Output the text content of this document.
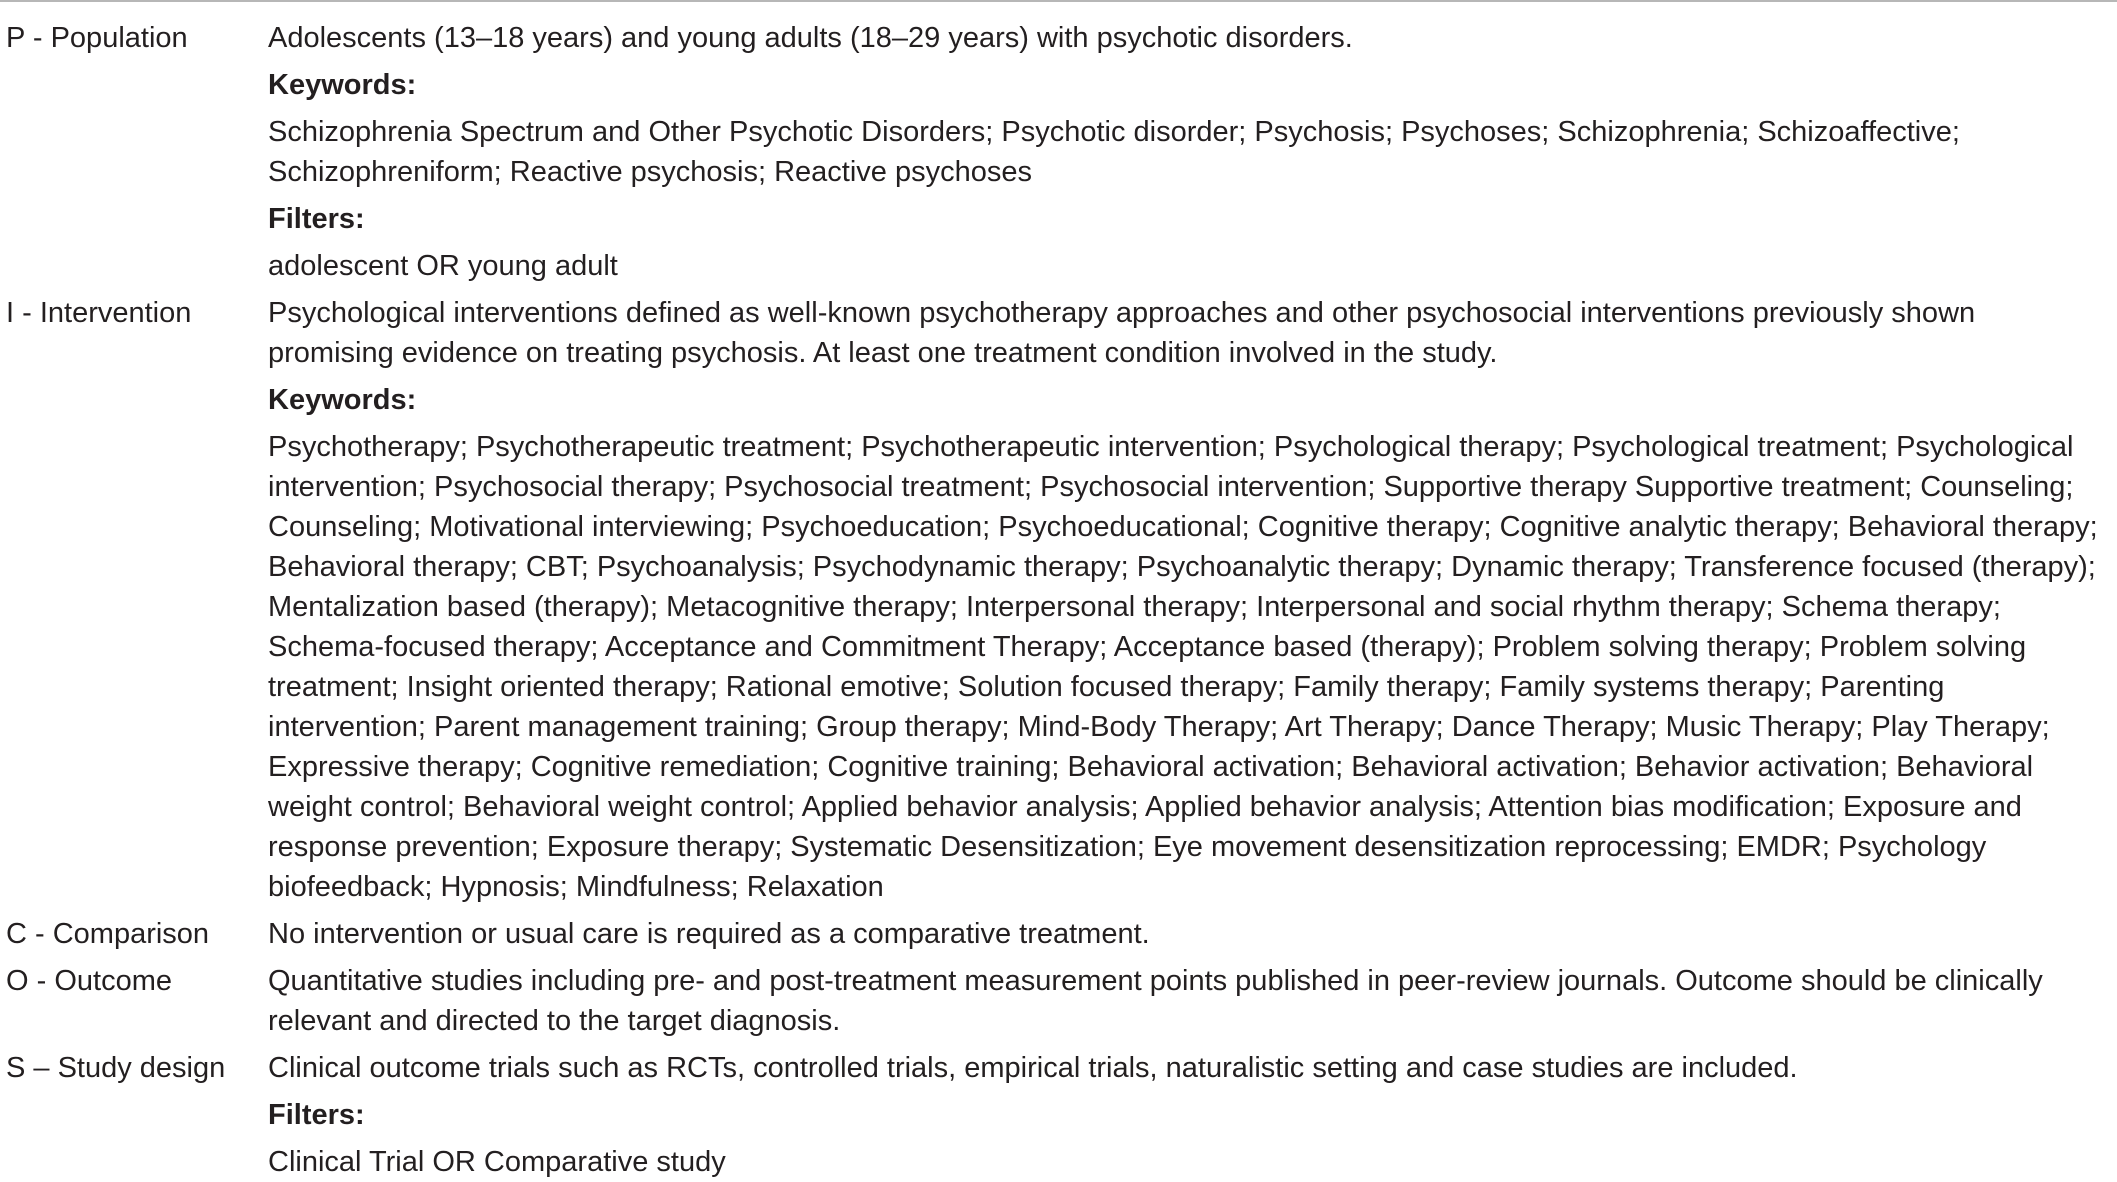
P - Population	Adolescents (13–18 years) and young adults (18–29 years) with psychotic disorders.
Keywords:
Schizophrenia Spectrum and Other Psychotic Disorders; Psychotic disorder; Psychosis; Psychoses; Schizophrenia; Schizoaffective; Schizophreniform; Reactive psychosis; Reactive psychoses
Filters:
adolescent OR young adult
I - Intervention	Psychological interventions defined as well-known psychotherapy approaches and other psychosocial interventions previously shown promising evidence on treating psychosis. At least one treatment condition involved in the study.
Keywords:
Psychotherapy; Psychotherapeutic treatment; Psychotherapeutic intervention; Psychological therapy; Psychological treatment; Psychological intervention; Psychosocial therapy; Psychosocial treatment; Psychosocial intervention; Supportive therapy Supportive treatment; Counseling; Counseling; Motivational interviewing; Psychoeducation; Psychoeducational; Cognitive therapy; Cognitive analytic therapy; Behavioral therapy; Behavioral therapy; CBT; Psychoanalysis; Psychodynamic therapy; Psychoanalytic therapy; Dynamic therapy; Transference focused (therapy); Mentalization based (therapy); Metacognitive therapy; Interpersonal therapy; Interpersonal and social rhythm therapy; Schema therapy; Schema-focused therapy; Acceptance and Commitment Therapy; Acceptance based (therapy); Problem solving therapy; Problem solving treatment; Insight oriented therapy; Rational emotive; Solution focused therapy; Family therapy; Family systems therapy; Parenting intervention; Parent management training; Group therapy; Mind-Body Therapy; Art Therapy; Dance Therapy; Music Therapy; Play Therapy; Expressive therapy; Cognitive remediation; Cognitive training; Behavioral activation; Behavioral activation; Behavior activation; Behavioral weight control; Behavioral weight control; Applied behavior analysis; Applied behavior analysis; Attention bias modification; Exposure and response prevention; Exposure therapy; Systematic Desensitization; Eye movement desensitization reprocessing; EMDR; Psychology biofeedback; Hypnosis; Mindfulness; Relaxation
C - Comparison	No intervention or usual care is required as a comparative treatment.
O - Outcome	Quantitative studies including pre- and post-treatment measurement points published in peer-review journals. Outcome should be clinically relevant and directed to the target diagnosis.
S – Study design	Clinical outcome trials such as RCTs, controlled trials, empirical trials, naturalistic setting and case studies are included.
Filters:
Clinical Trial OR Comparative study
